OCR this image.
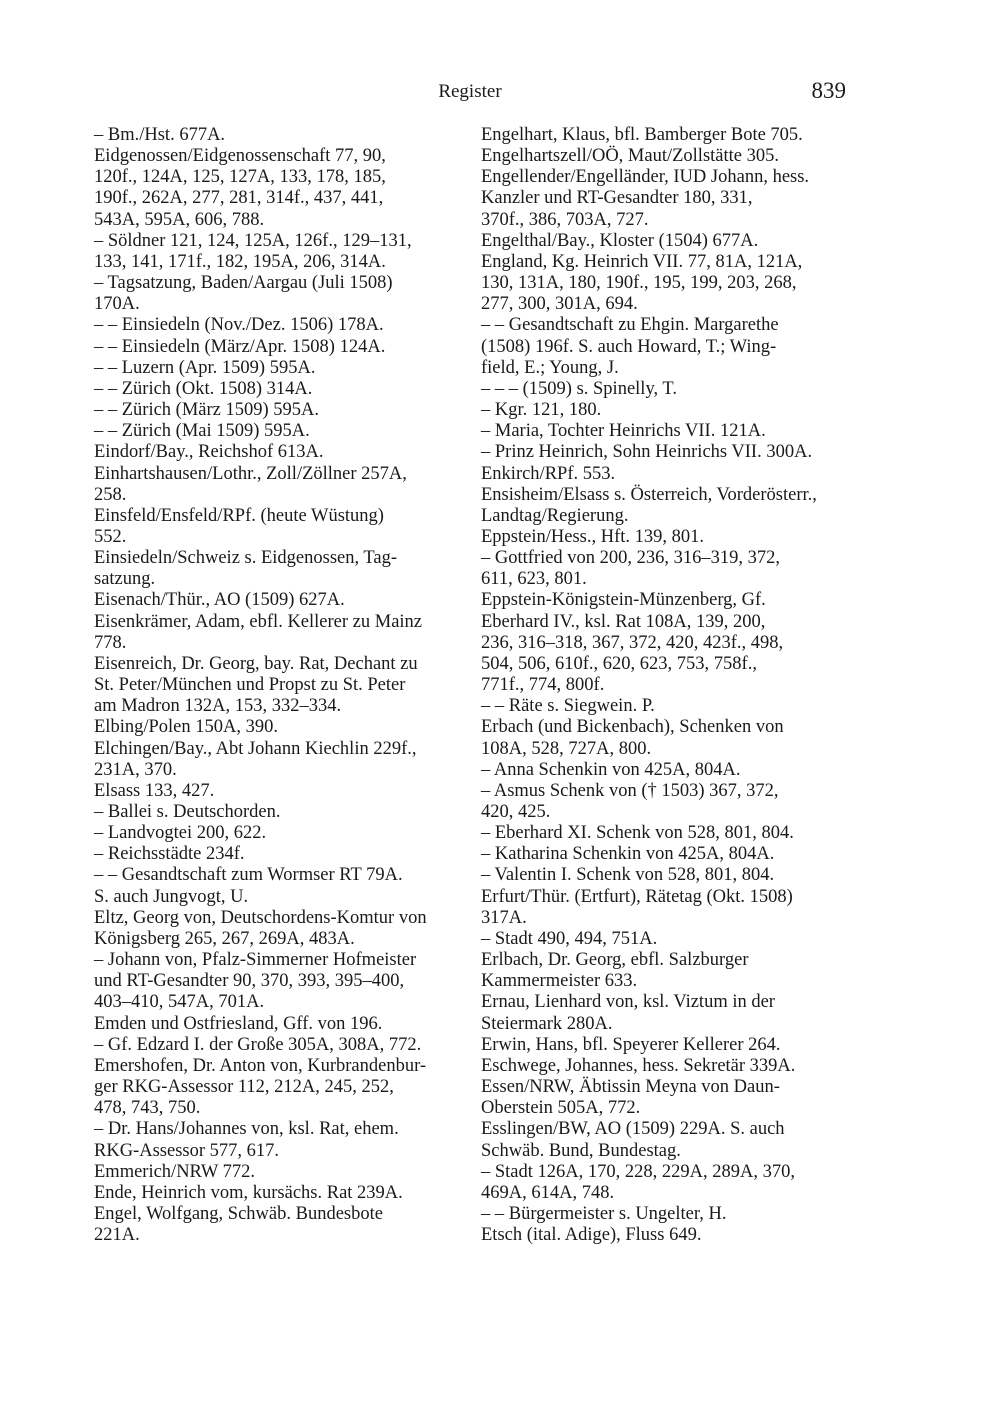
Register	839
– Bm./Hst. 677A.
Eidgenossen/Eidgenossenschaft 77, 90,
120f., 124A, 125, 127A, 133, 178, 185,
190f., 262A, 277, 281, 314f., 437, 441,
543A, 595A, 606, 788.
– Söldner 121, 124, 125A, 126f., 129–131,
133, 141, 171f., 182, 195A, 206, 314A.
– Tagsatzung, Baden/Aargau (Juli 1508)
170A.
– – Einsiedeln (Nov./Dez. 1506) 178A.
– – Einsiedeln (März/Apr. 1508) 124A.
– – Luzern (Apr. 1509) 595A.
– – Zürich (Okt. 1508) 314A.
– – Zürich (März 1509) 595A.
– – Zürich (Mai 1509) 595A.
Eindorf/Bay., Reichshof 613A.
Einhartshausen/Lothr., Zoll/Zöllner 257A,
258.
Einsfeld/Ensfeld/RPf. (heute Wüstung)
552.
Einsiedeln/Schweiz s. Eidgenossen, Tag-
satzung.
Eisenach/Thür., AO (1509) 627A.
Eisenkrämer, Adam, ebfl. Kellerer zu Mainz
778.
Eisenreich, Dr. Georg, bay. Rat, Dechant zu
St. Peter/München und Propst zu St. Peter
am Madron 132A, 153, 332–334.
Elbing/Polen 150A, 390.
Elchingen/Bay., Abt Johann Kiechlin 229f.,
231A, 370.
Elsass 133, 427.
– Ballei s. Deutschorden.
– Landvogtei 200, 622.
– Reichsstädte 234f.
– – Gesandtschaft zum Wormser RT 79A.
S. auch Jungvogt, U.
Eltz, Georg von, Deutschordens-Komtur von
Königsberg 265, 267, 269A, 483A.
– Johann von, Pfalz-Simmerner Hofmeister
und RT-Gesandter 90, 370, 393, 395–400,
403–410, 547A, 701A.
Emden und Ostfriesland, Gff. von 196.
– Gf. Edzard I. der Große 305A, 308A, 772.
Emershofen, Dr. Anton von, Kurbrandenbur-
ger RKG-Assessor 112, 212A, 245, 252,
478, 743, 750.
– Dr. Hans/Johannes von, ksl. Rat, ehem.
RKG-Assessor 577, 617.
Emmerich/NRW 772.
Ende, Heinrich vom, kursächs. Rat 239A.
Engel, Wolfgang, Schwäb. Bundesbote
221A.
Engelhart, Klaus, bfl. Bamberger Bote 705.
Engelhartszell/OÖ, Maut/Zollstätte 305.
Engellender/Engelländer, IUD Johann, hess.
Kanzler und RT-Gesandter 180, 331,
370f., 386, 703A, 727.
Engelthal/Bay., Kloster (1504) 677A.
England, Kg. Heinrich VII. 77, 81A, 121A,
130, 131A, 180, 190f., 195, 199, 203, 268,
277, 300, 301A, 694.
– – Gesandtschaft zu Ehgin. Margarethe
(1508) 196f. S. auch Howard, T.; Wing-
field, E.; Young, J.
– – – (1509) s. Spinelly, T.
– Kgr. 121, 180.
– Maria, Tochter Heinrichs VII. 121A.
– Prinz Heinrich, Sohn Heinrichs VII. 300A.
Enkirch/RPf. 553.
Ensisheim/Elsass s. Österreich, Vorderösterr.,
Landtag/Regierung.
Eppstein/Hess., Hft. 139, 801.
– Gottfried von 200, 236, 316–319, 372,
611, 623, 801.
Eppstein-Königstein-Münzenberg, Gf.
Eberhard IV., ksl. Rat 108A, 139, 200,
236, 316–318, 367, 372, 420, 423f., 498,
504, 506, 610f., 620, 623, 753, 758f.,
771f., 774, 800f.
– – Räte s. Siegwein. P.
Erbach (und Bickenbach), Schenken von
108A, 528, 727A, 800.
– Anna Schenkin von 425A, 804A.
– Asmus Schenk von († 1503) 367, 372,
420, 425.
– Eberhard XI. Schenk von 528, 801, 804.
– Katharina Schenkin von 425A, 804A.
– Valentin I. Schenk von 528, 801, 804.
Erfurt/Thür. (Ertfurt), Rätetag (Okt. 1508)
317A.
– Stadt 490, 494, 751A.
Erlbach, Dr. Georg, ebfl. Salzburger
Kammermeister 633.
Ernau, Lienhard von, ksl. Viztum in der
Steiermark 280A.
Erwin, Hans, bfl. Speyerer Kellerer 264.
Eschwege, Johannes, hess. Sekretär 339A.
Essen/NRW, Äbtissin Meyna von Daun-
Oberstein 505A, 772.
Esslingen/BW, AO (1509) 229A. S. auch
Schwäb. Bund, Bundestag.
– Stadt 126A, 170, 228, 229A, 289A, 370,
469A, 614A, 748.
– – Bürgermeister s. Ungelter, H.
Etsch (ital. Adige), Fluss 649.
